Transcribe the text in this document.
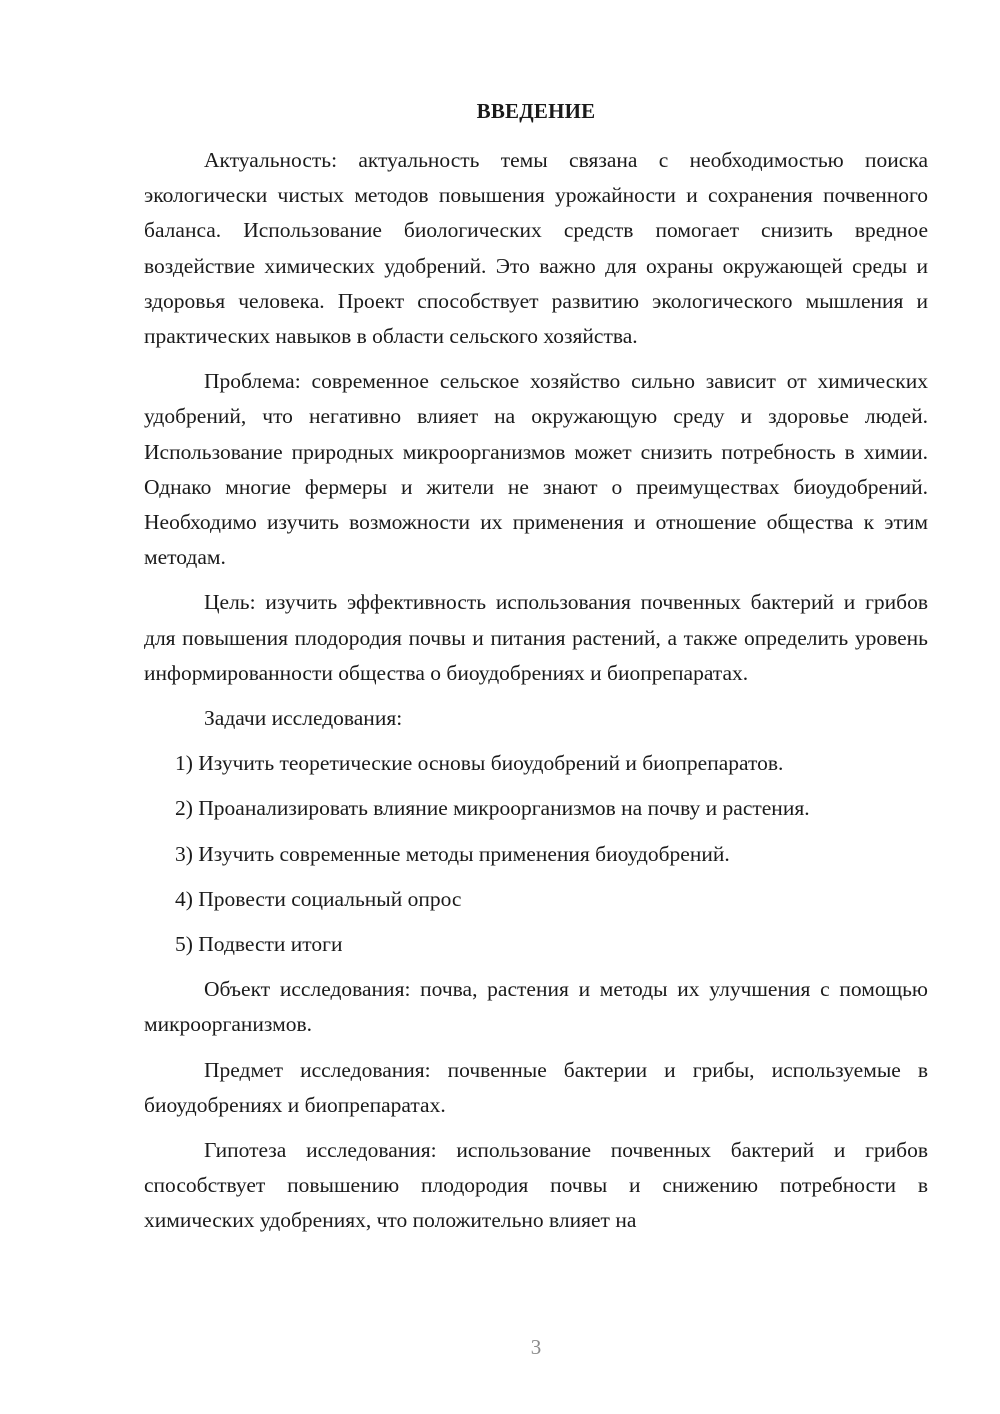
ВВЕДЕНИЕ

Актуальность: актуальность темы связана с необходимостью поиска экологически чистых методов повышения урожайности и сохранения почвенного баланса. Использование биологических средств помогает снизить вредное воздействие химических удобрений. Это важно для охраны окружающей среды и здоровья человека. Проект способствует развитию экологического мышления и практических навыков в области сельского хозяйства.

Проблема: современное сельское хозяйство сильно зависит от химических удобрений, что негативно влияет на окружающую среду и здоровье людей. Использование природных микроорганизмов может снизить потребность в химии. Однако многие фермеры и жители не знают о преимуществах биоудобрений. Необходимо изучить возможности их применения и отношение общества к этим методам.

Цель: изучить эффективность использования почвенных бактерий и грибов для повышения плодородия почвы и питания растений, а также определить уровень информированности общества о биоудобрениях и биопрепаратах.

Задачи исследования:

1) Изучить теоретические основы биоудобрений и биопрепаратов.

2) Проанализировать влияние микроорганизмов на почву и растения.

3) Изучить современные методы применения биоудобрений.

4) Провести социальный опрос

5) Подвести итоги

Объект исследования: почва, растения и методы их улучшения с помощью микроорганизмов.

Предмет исследования: почвенные бактерии и грибы, используемые в биоудобрениях и биопрепаратах.

Гипотеза исследования: использование почвенных бактерий и грибов способствует повышению плодородия почвы и снижению потребности в химических удобрениях, что положительно влияет на

3
